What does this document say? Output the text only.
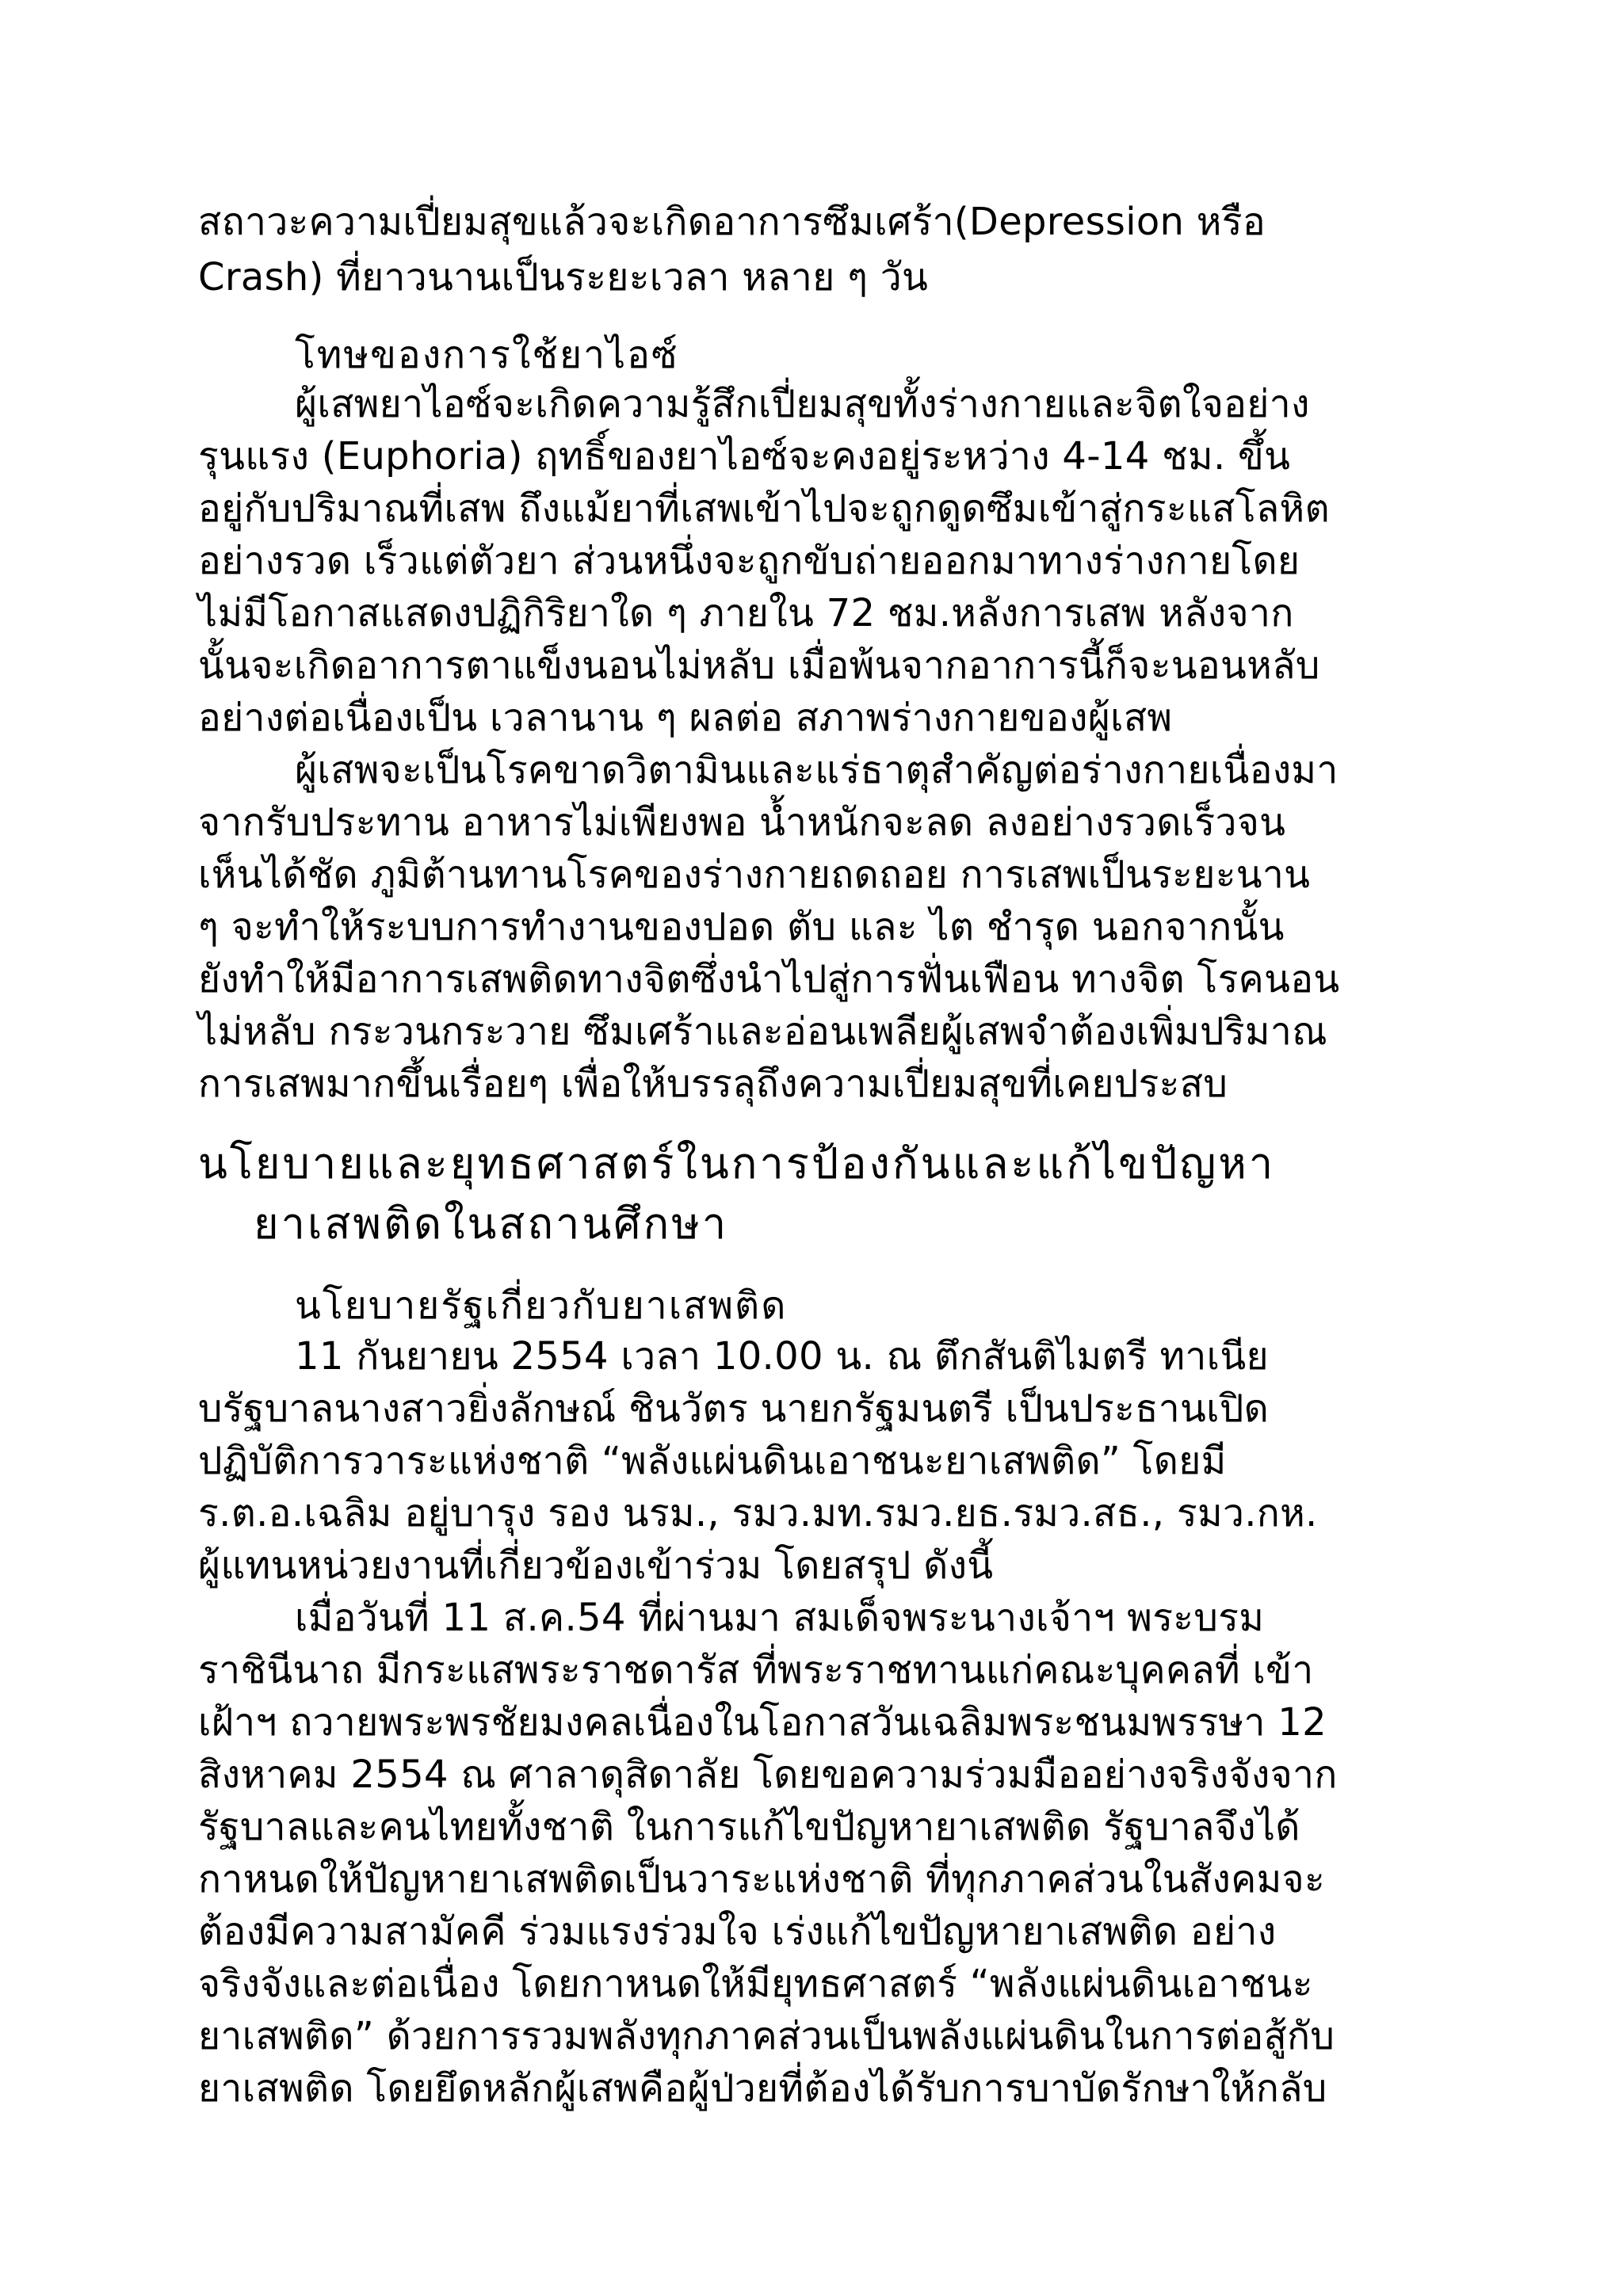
สถาวะความเปี่ยมสุขแล้วจะเกิดอาการซึมเศร้า(Depression หรือ
Crash) ที่ยาวนานเป็นระยะเวลา หลาย ๆ วัน
โทษของการใช้ยาไอซ์
ผู้เสพยาไอซ์จะเกิดความรู้สึกเปี่ยมสุขทั้งร่างกายและจิตใจอย่าง
รุนแรง (Euphoria) ฤทธิ์ของยาไอซ์จะคงอยู่ระหว่าง 4-14 ชม. ขึ้น
อยู่กับปริมาณที่เสพ ถึงแม้ยาที่เสพเข้าไปจะถูกดูดซึมเข้าสู่กระแสโลหิต
อย่างรวด เร็วแต่ตัวยา ส่วนหนึ่งจะถูกขับถ่ายออกมาทางร่างกายโดย
ไม่มีโอกาสแสดงปฏิกิริยาใด ๆ ภายใน 72 ชม.หลังการเสพ หลังจาก
นั้นจะเกิดอาการตาแข็งนอนไม่หลับ เมื่อพ้นจากอาการนี้ก็จะนอนหลับ
อย่างต่อเนื่องเป็น เวลานาน ๆ ผลต่อ สภาพร่างกายของผู้เสพ
ผู้เสพจะเป็นโรคขาดวิตามินและแร่ธาตุสำคัญต่อร่างกายเนื่องมา
จากรับประทาน อาหารไม่เพียงพอ น้ำหนักจะลด ลงอย่างรวดเร็วจน
เห็นได้ชัด ภูมิต้านทานโรคของร่างกายถดถอย การเสพเป็นระยะนาน
ๆ จะทำให้ระบบการทำงานของปอด ตับ และ ไต ชำรุด นอกจากนั้น
ยังทำให้มีอาการเสพติดทางจิตซึ่งนำไปสู่การฟั่นเฟือน ทางจิต โรคนอน
ไม่หลับ กระวนกระวาย ซึมเศร้าและอ่อนเพลียผู้เสพจำต้องเพิ่มปริมาณ
การเสพมากขึ้นเรื่อยๆ เพื่อให้บรรลุถึงความเปี่ยมสุขที่เคยประสบ
นโยบายและยุทธศาสตร์ในการป้องกันและแก้ไขปัญหา
ยาเสพติดในสถานศึกษา
นโยบายรัฐเกี่ยวกับยาเสพติด
11 กันยายน 2554 เวลา 10.00 น. ณ ตึกสันติไมตรี ทาเนีย
บรัฐบาลนางสาวยิ่งลักษณ์ ชินวัตร นายกรัฐมนตรี เป็นประธานเปิด
ปฏิบัติการวาระแห่งชาติ “พลังแผ่นดินเอาชนะยาเสพติด” โดยมี
ร.ต.อ.เฉลิม อยู่บารุง รอง นรม., รมว.มท.รมว.ยธ.รมว.สธ., รมว.กห.
ผู้แทนหน่วยงานที่เกี่ยวข้องเข้าร่วม โดยสรุป ดังนี้
เมื่อวันที่ 11 ส.ค.54 ที่ผ่านมา สมเด็จพระนางเจ้าฯ พระบรม
ราชินีนาถ มีกระแสพระราชดารัส ที่พระราชทานแก่คณะบุคคลที่ เข้า
เฝ้าฯ ถวายพระพรชัยมงคลเนื่องในโอกาสวันเฉลิมพระชนมพรรษา 12
สิงหาคม 2554 ณ ศาลาดุสิดาลัย โดยขอความร่วมมืออย่างจริงจังจาก
รัฐบาลและคนไทยทั้งชาติ ในการแก้ไขปัญหายาเสพติด รัฐบาลจึงได้
กาหนดให้ปัญหายาเสพติดเป็นวาระแห่งชาติ ที่ทุกภาคส่วนในสังคมจะ
ต้องมีความสามัคคี ร่วมแรงร่วมใจ เร่งแก้ไขปัญหายาเสพติด อย่าง
จริงจังและต่อเนื่อง โดยกาหนดให้มียุทธศาสตร์ “พลังแผ่นดินเอาชนะ
ยาเสพติด” ด้วยการรวมพลังทุกภาคส่วนเป็นพลังแผ่นดินในการต่อสู้กับ
ยาเสพติด โดยยึดหลักผู้เสพคือผู้ป่วยที่ต้องได้รับการบาบัดรักษาให้กลับ
